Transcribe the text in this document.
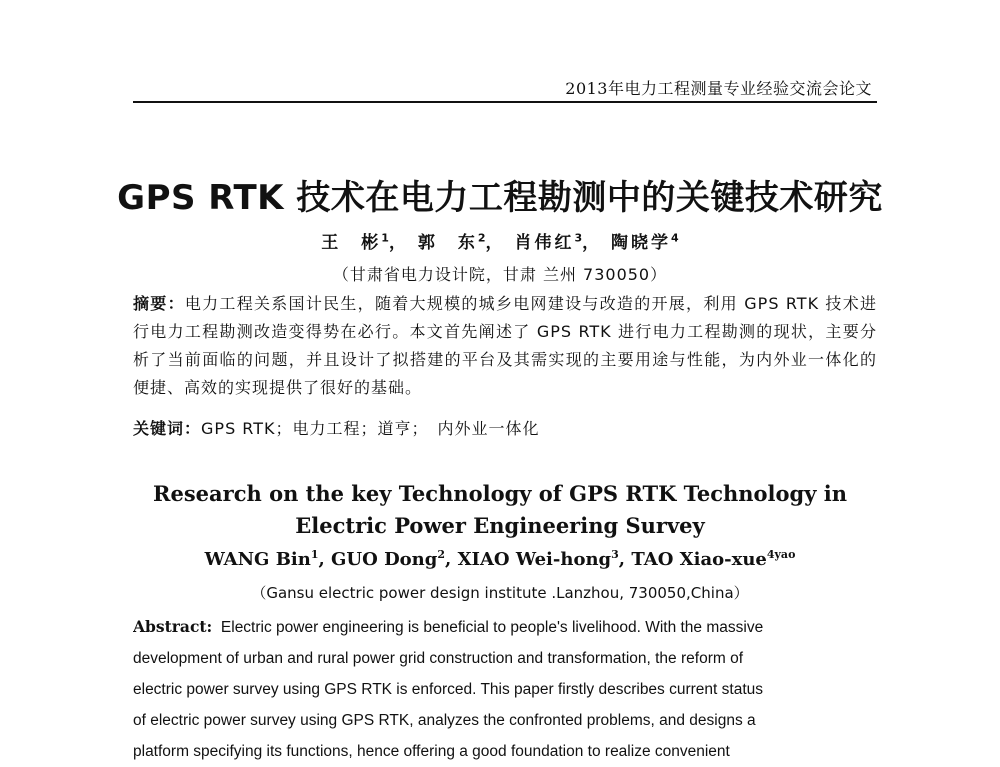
2013年电力工程测量专业经验交流会论文
GPS RTK 技术在电力工程勘测中的关键技术研究
王　彬$^1$， 郭　东$^2$， 肖伟红$^3$， 陶晓学$^4$
（甘肃省电力设计院，甘肃 兰州 730050）
摘要：电力工程关系国计民生，随着大规模的城乡电网建设与改造的开展，利用 GPS RTK 技术进行电力工程勘测改造变得势在必行。本文首先阐述了 GPS RTK 进行电力工程勘测的现状，主要分析了当前面临的问题，并且设计了拟搭建的平台及其需实现的主要用途与性能，为内外业一体化的便捷、高效的实现提供了很好的基础。
关键词：GPS RTK；电力工程；道亨；　内外业一体化
Research on the key Technology of GPS RTK Technology in
Electric Power Engineering Survey
WANG Bin$^1$, GUO Dong$^2$, XIAO Wei-hong$^3$, TAO Xiao-xue$^{4yao}$
（Gansu electric power design institute .Lanzhou, 730050,China）
Abstract: Electric power engineering is beneficial to people's livelihood. With the massive
development of urban and rural power grid construction and transformation, the reform of
electric power survey using GPS RTK is enforced. This paper firstly describes current status
of electric power survey using GPS RTK, analyzes the confronted problems, and designs a
platform specifying its functions, hence offering a good foundation to realize convenient
